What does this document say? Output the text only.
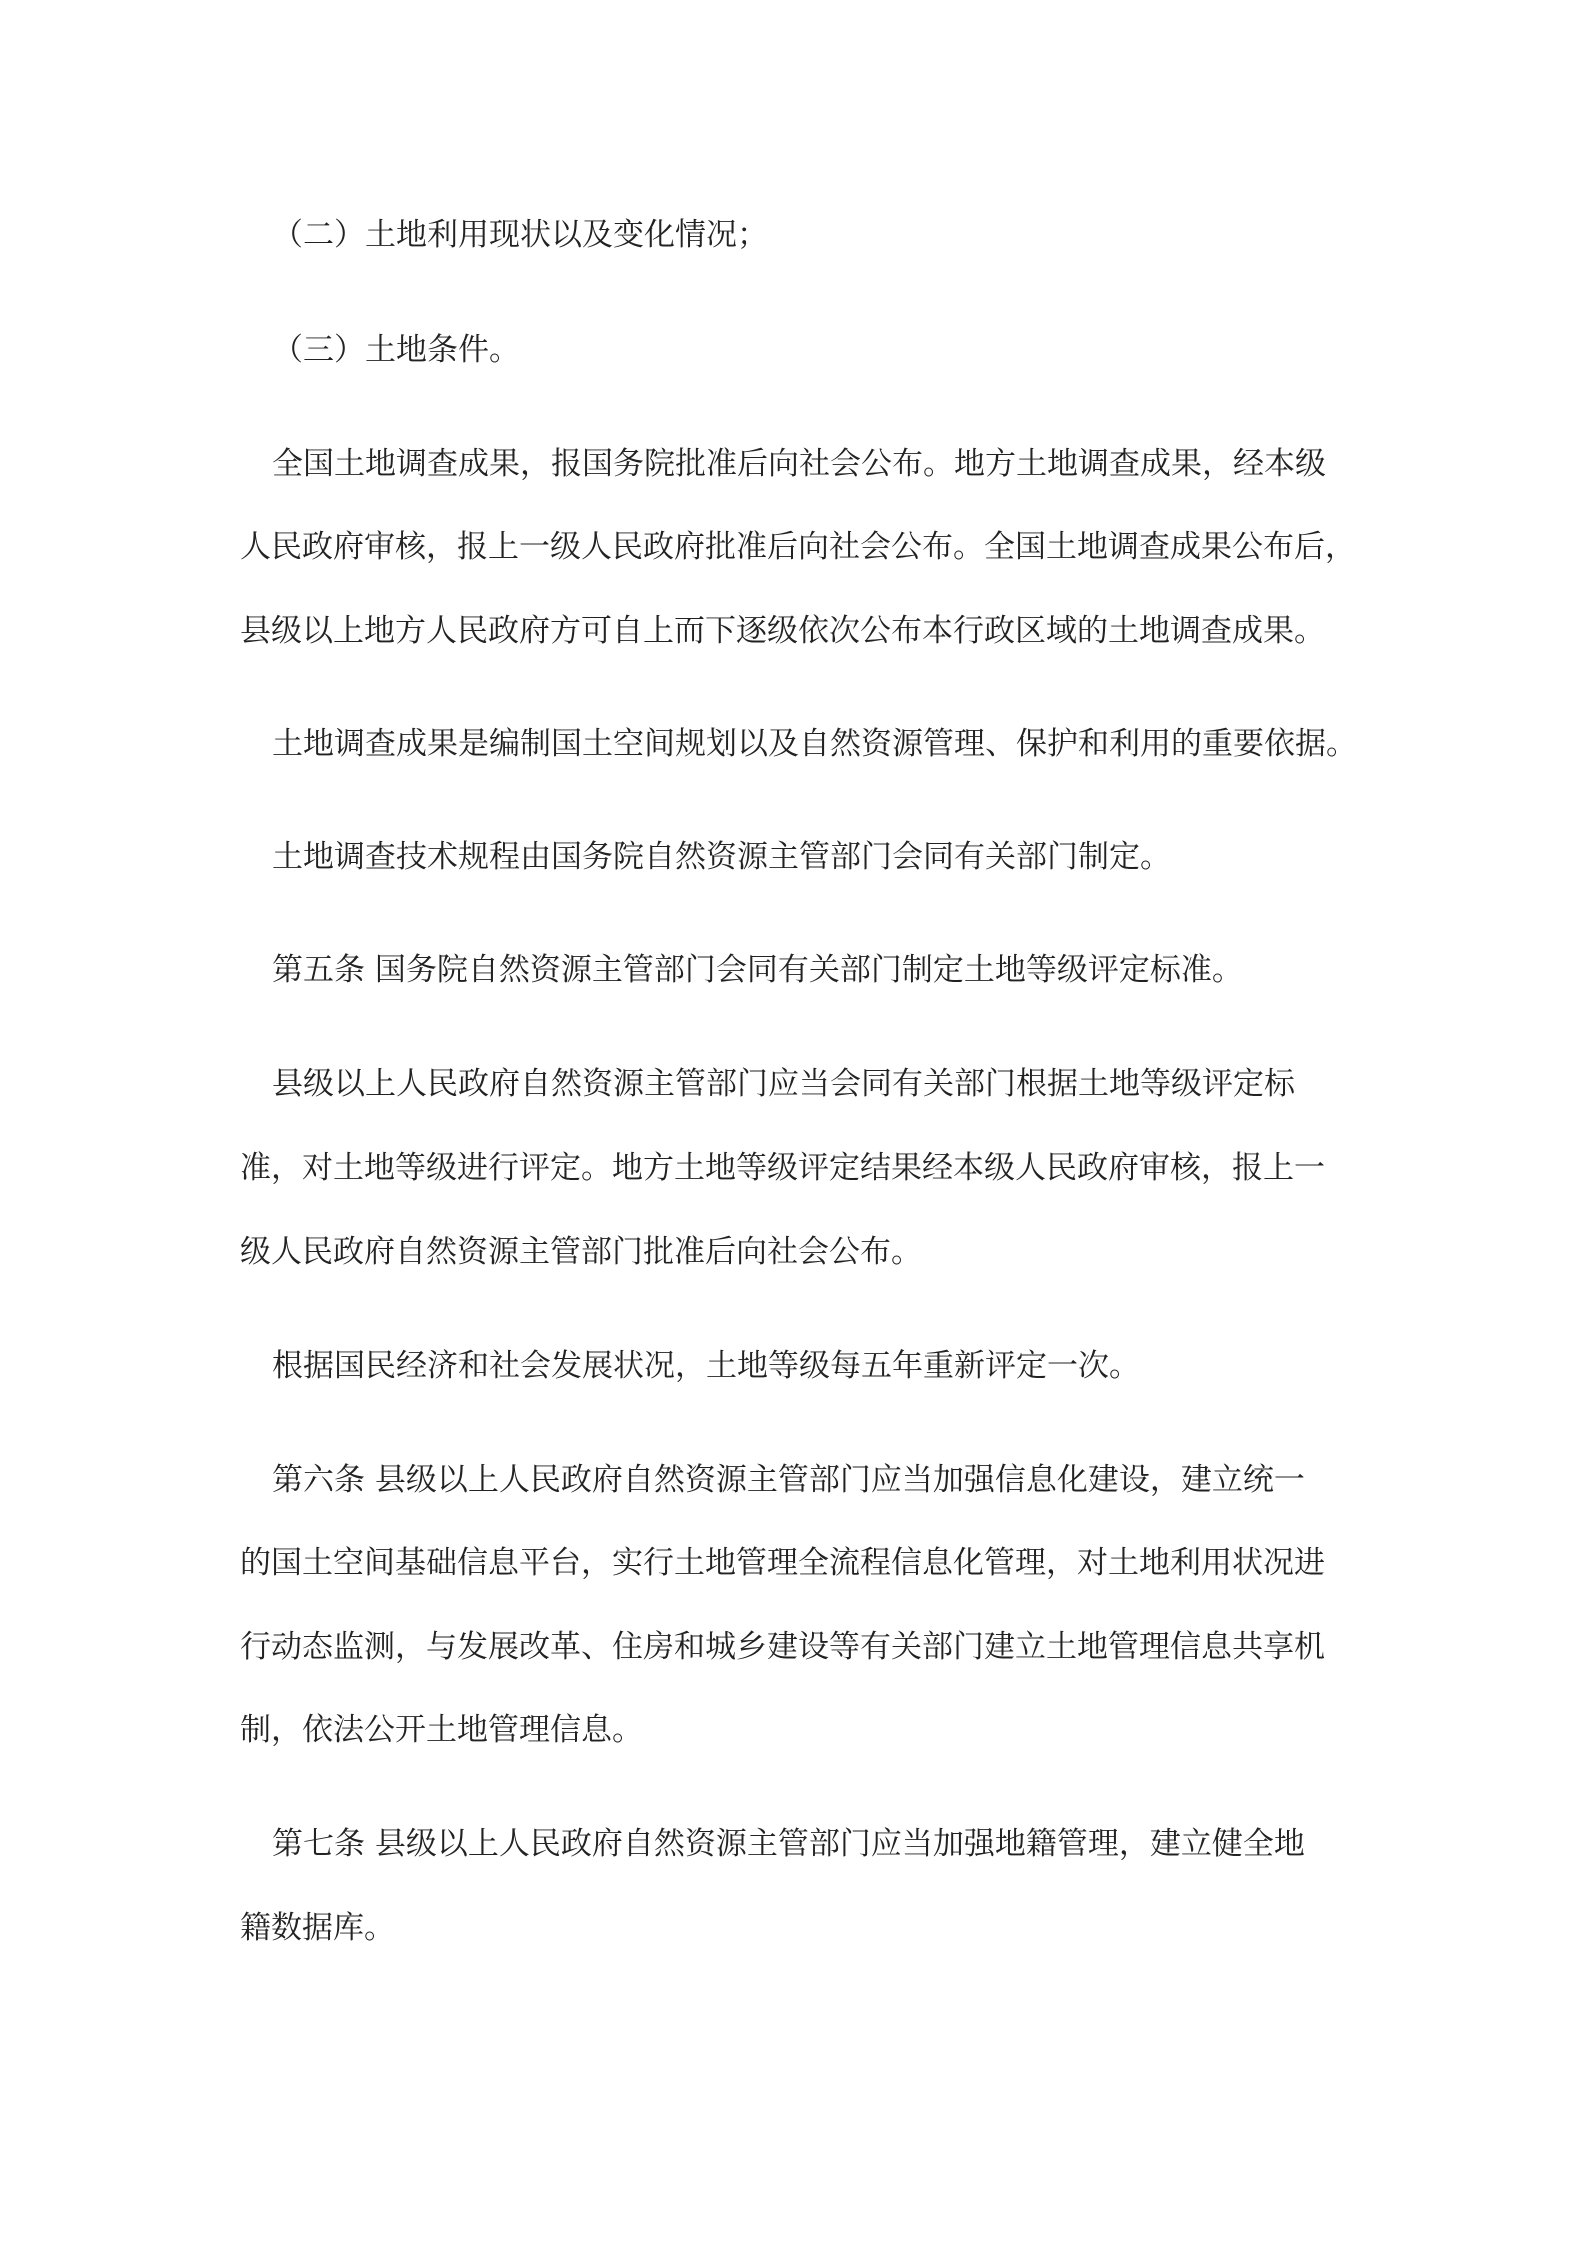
（二）土地利用现状以及变化情况；

（三）土地条件。

全国土地调查成果，报国务院批准后向社会公布。地方土地调查成果，经本级

人民政府审核，报上一级人民政府批准后向社会公布。全国土地调查成果公布后，

县级以上地方人民政府方可自上而下逐级依次公布本行政区域的土地调查成果。

土地调查成果是编制国土空间规划以及自然资源管理、保护和利用的重要依据。

土地调查技术规程由国务院自然资源主管部门会同有关部门制定。

第五条 国务院自然资源主管部门会同有关部门制定土地等级评定标准。

县级以上人民政府自然资源主管部门应当会同有关部门根据土地等级评定标

准，对土地等级进行评定。地方土地等级评定结果经本级人民政府审核，报上一

级人民政府自然资源主管部门批准后向社会公布。

根据国民经济和社会发展状况，土地等级每五年重新评定一次。

第六条 县级以上人民政府自然资源主管部门应当加强信息化建设，建立统一

的国土空间基础信息平台，实行土地管理全流程信息化管理，对土地利用状况进

行动态监测，与发展改革、住房和城乡建设等有关部门建立土地管理信息共享机

制，依法公开土地管理信息。

第七条 县级以上人民政府自然资源主管部门应当加强地籍管理，建立健全地

籍数据库。
